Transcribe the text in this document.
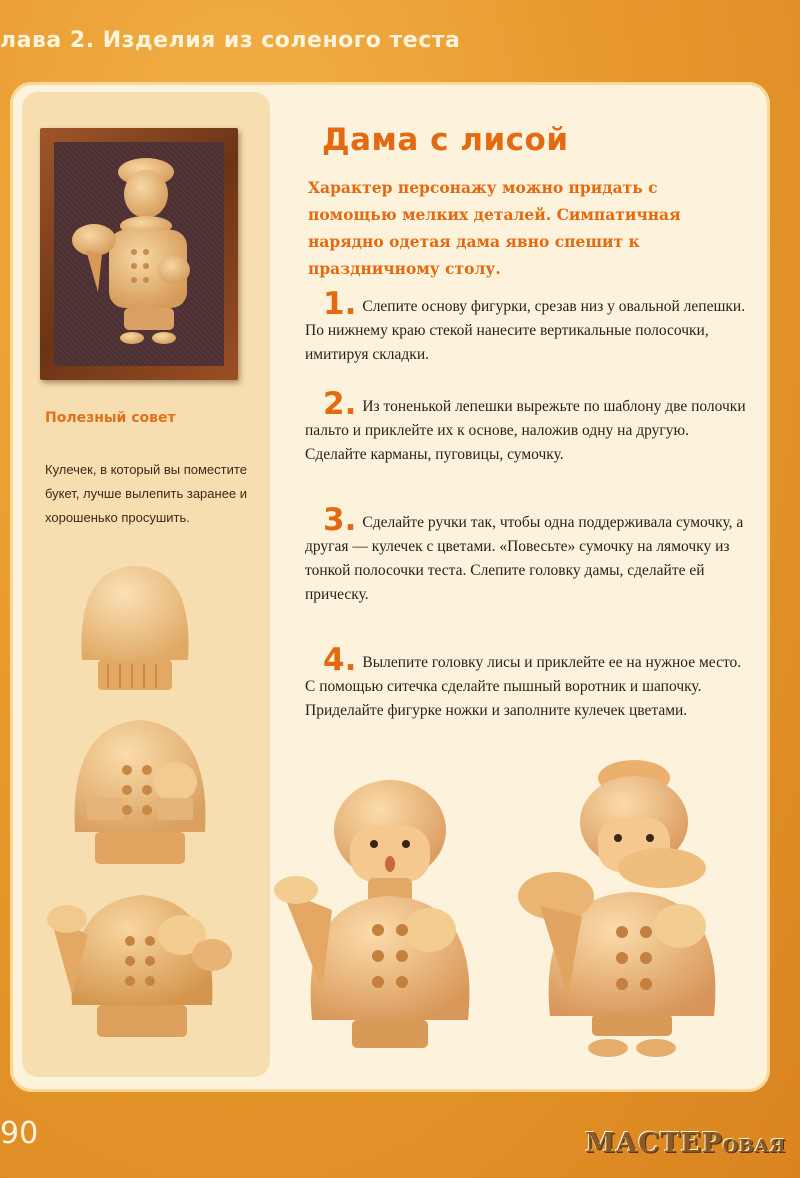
лава 2. Изделия из соленого теста
Полезный совет
Кулечек, в который вы поместите букет, лучше вылепить заранее и хорошенько просушить.
Дама с лисой
Характер персонажу можно придать с помощью мелких деталей. Симпатичная нарядно одетая дама явно спешит к праздничному столу.
1. Слепите основу фигурки, срезав низ у овальной лепешки. По нижнему краю стекой нанесите вертикальные полосочки, имитируя складки.
2. Из тоненькой лепешки вырежьте по шаблону две полочки пальто и приклейте их к основе, наложив одну на другую. Сделайте карманы, пуговицы, сумочку.
3. Сделайте ручки так, чтобы одна поддерживала сумочку, а другая — кулечек с цветами. «Повесьте» сумочку на лямочку из тонкой полосочки теста. Слепите головку дамы, сделайте ей прическу.
4. Вылепите головку лисы и приклейте ее на нужное место. С помощью ситечка сделайте пышный воротник и шапочку. Приделайте фигурке ножки и заполните кулечек цветами.
90	МАСТЕРОВАЯ
